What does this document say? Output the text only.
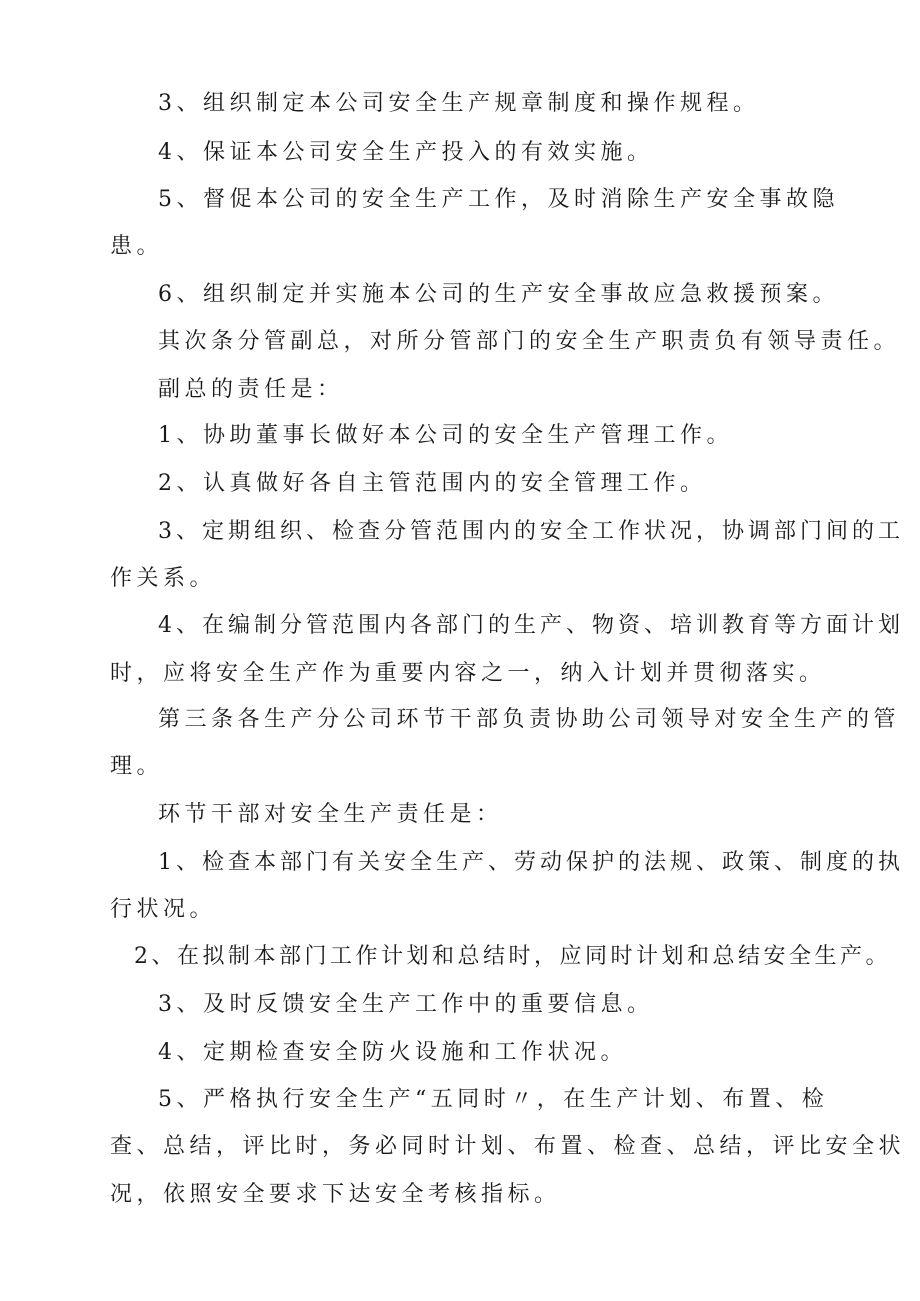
3、组织制定本公司安全生产规章制度和操作规程。
4、保证本公司安全生产投入的有效实施。
5、督促本公司的安全生产工作，及时消除生产安全事故隐
患。
6、组织制定并实施本公司的生产安全事故应急救援预案。
其次条分管副总，对所分管部门的安全生产职责负有领导责任。
副总的责任是：
1、协助董事长做好本公司的安全生产管理工作。
2、认真做好各自主管范围内的安全管理工作。
3、定期组织、检查分管范围内的安全工作状况，协调部门间的工
作关系。
4、在编制分管范围内各部门的生产、物资、培训教育等方面计划
时，应将安全生产作为重要内容之一，纳入计划并贯彻落实。
第三条各生产分公司环节干部负责协助公司领导对安全生产的管
理。
环节干部对安全生产责任是：
1、检查本部门有关安全生产、劳动保护的法规、政策、制度的执
行状况。
2、在拟制本部门工作计划和总结时，应同时计划和总结安全生产。
3、及时反馈安全生产工作中的重要信息。
4、定期检查安全防火设施和工作状况。
5、严格执行安全生产“五同时〃，在生产计划、布置、检
查、总结，评比时，务必同时计划、布置、检查、总结，评比安全状
况，依照安全要求下达安全考核指标。
